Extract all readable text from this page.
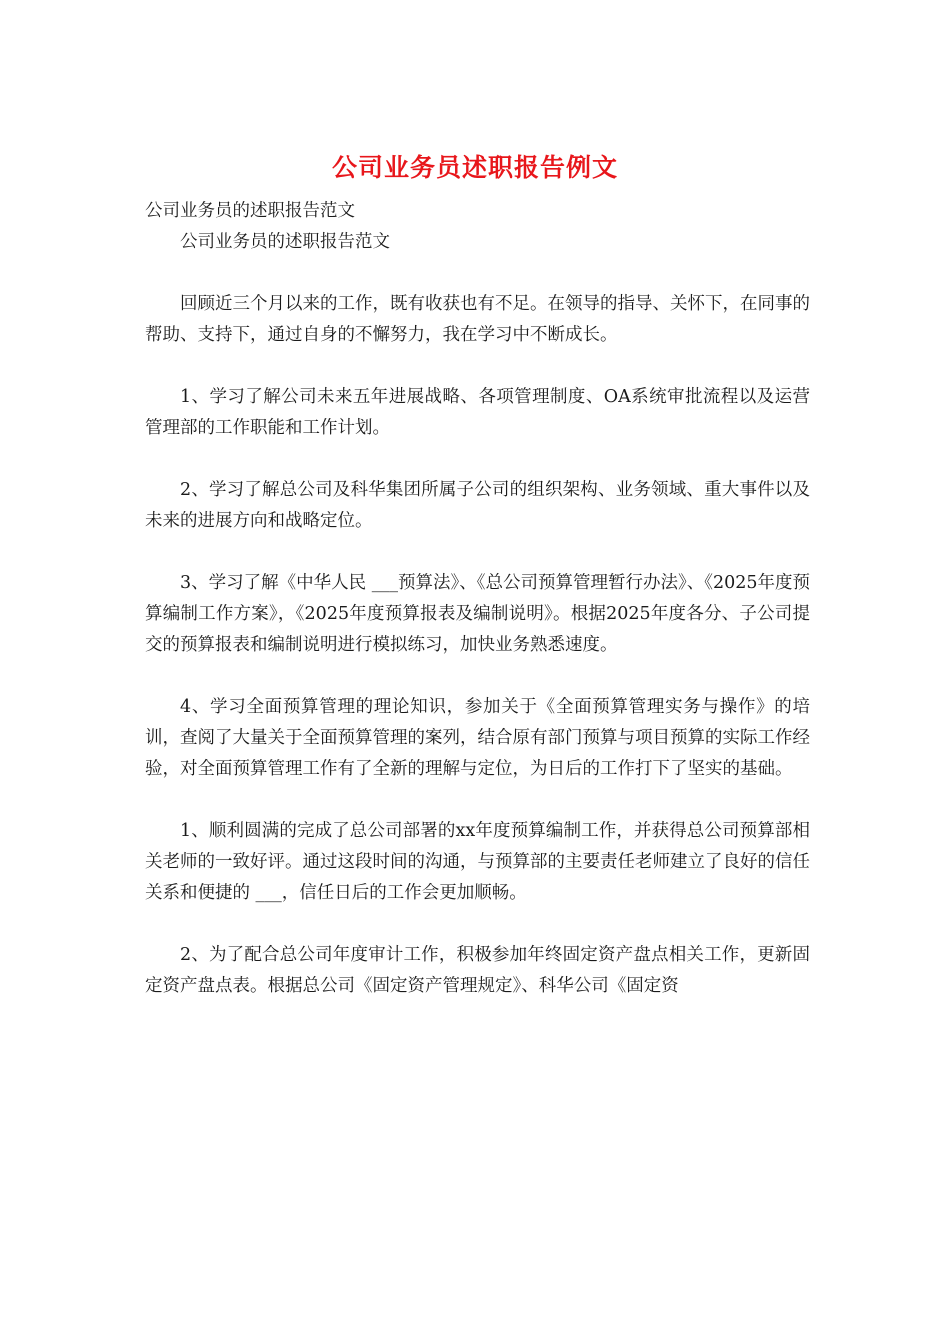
公司业务员述职报告例文

公司业务员的述职报告范文

公司业务员的述职报告范文

回顾近三个月以来的工作，既有收获也有不足。在领导的指导、关怀下，在同事的帮助、支持下，通过自身的不懈努力，我在学习中不断成长。

1、学习了解公司未来五年进展战略、各项管理制度、OA系统审批流程以及运营管理部的工作职能和工作计划。

2、学习了解总公司及科华集团所属子公司的组织架构、业务领域、重大事件以及未来的进展方向和战略定位。

3、学习了解《中华人民 ___预算法》、《总公司预算管理暂行办法》、《2025年度预算编制工作方案》，《2025年度预算报表及编制说明》。根据2025年度各分、子公司提交的预算报表和编制说明进行模拟练习，加快业务熟悉速度。

4、学习全面预算管理的理论知识，参加关于《全面预算管理实务与操作》的培训，查阅了大量关于全面预算管理的案列，结合原有部门预算与项目预算的实际工作经验，对全面预算管理工作有了全新的理解与定位，为日后的工作打下了坚实的基础。

1、顺利圆满的完成了总公司部署的xx年度预算编制工作，并获得总公司预算部相关老师的一致好评。通过这段时间的沟通，与预算部的主要责任老师建立了良好的信任关系和便捷的 ___，信任日后的工作会更加顺畅。

2、为了配合总公司年度审计工作，积极参加年终固定资产盘点相关工作，更新固定资产盘点表。根据总公司《固定资产管理规定》、科华公司《固定资
